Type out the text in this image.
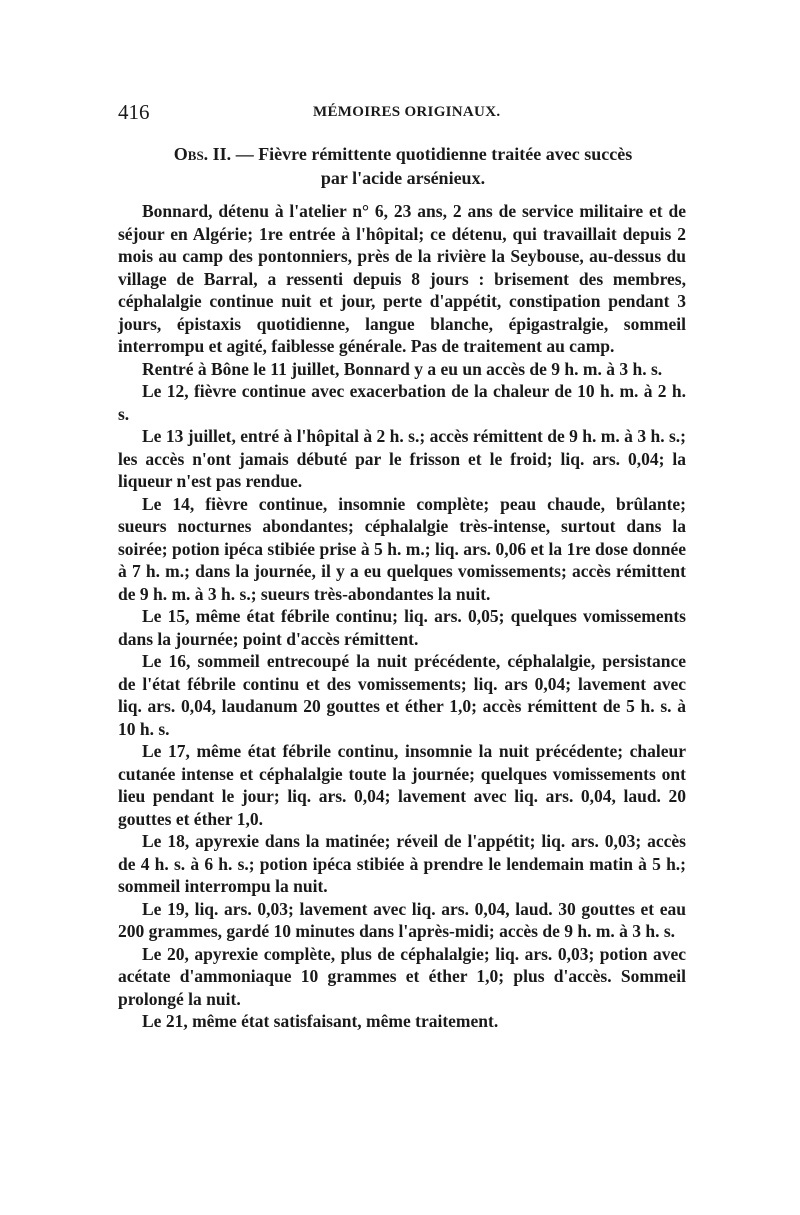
416	MÉMOIRES ORIGINAUX.
Obs. II. — Fièvre rémittente quotidienne traitée avec succès
par l'acide arsénieux.

Bonnard, détenu à l'atelier n° 6, 23 ans, 2 ans de service militaire et de séjour en Algérie; 1re entrée à l'hôpital; ce détenu, qui travaillait depuis 2 mois au camp des pontonniers, près de la rivière la Seybouse, au-dessus du village de Barral, a ressenti depuis 8 jours : brisement des membres, céphalalgie continue nuit et jour, perte d'appétit, constipation pendant 3 jours, épistaxis quotidienne, langue blanche, épigastralgie, sommeil interrompu et agité, faiblesse générale. Pas de traitement au camp.

Rentré à Bône le 11 juillet, Bonnard y a eu un accès de 9 h. m. à 3 h. s.

Le 12, fièvre continue avec exacerbation de la chaleur de 10 h. m. à 2 h. s.

Le 13 juillet, entré à l'hôpital à 2 h. s.; accès rémittent de 9 h. m. à 3 h. s.; les accès n'ont jamais débuté par le frisson et le froid; liq. ars. 0,04; la liqueur n'est pas rendue.

Le 14, fièvre continue, insomnie complète; peau chaude, brûlante; sueurs nocturnes abondantes; céphalalgie très-intense, surtout dans la soirée; potion ipéca stibiée prise à 5 h. m.; liq. ars. 0,06 et la 1re dose donnée à 7 h. m.; dans la journée, il y a eu quelques vomissements; accès rémittent de 9 h. m. à 3 h. s.; sueurs très-abondantes la nuit.

Le 15, même état fébrile continu; liq. ars. 0,05; quelques vomissements dans la journée; point d'accès rémittent.

Le 16, sommeil entrecoupé la nuit précédente, céphalalgie, persistance de l'état fébrile continu et des vomissements; liq. ars 0,04; lavement avec liq. ars. 0,04, laudanum 20 gouttes et éther 1,0; accès rémittent de 5 h. s. à 10 h. s.

Le 17, même état fébrile continu, insomnie la nuit précédente; chaleur cutanée intense et céphalalgie toute la journée; quelques vomissements ont lieu pendant le jour; liq. ars. 0,04; lavement avec liq. ars. 0,04, laud. 20 gouttes et éther 1,0.

Le 18, apyrexie dans la matinée; réveil de l'appétit; liq. ars. 0,03; accès de 4 h. s. à 6 h. s.; potion ipéca stibiée à prendre le lendemain matin à 5 h.; sommeil interrompu la nuit.

Le 19, liq. ars. 0,03; lavement avec liq. ars. 0,04, laud. 30 gouttes et eau 200 grammes, gardé 10 minutes dans l'après-midi; accès de 9 h. m. à 3 h. s.

Le 20, apyrexie complète, plus de céphalalgie; liq. ars. 0,03; potion avec acétate d'ammoniaque 10 grammes et éther 1,0; plus d'accès. Sommeil prolongé la nuit.

Le 21, même état satisfaisant, même traitement.
